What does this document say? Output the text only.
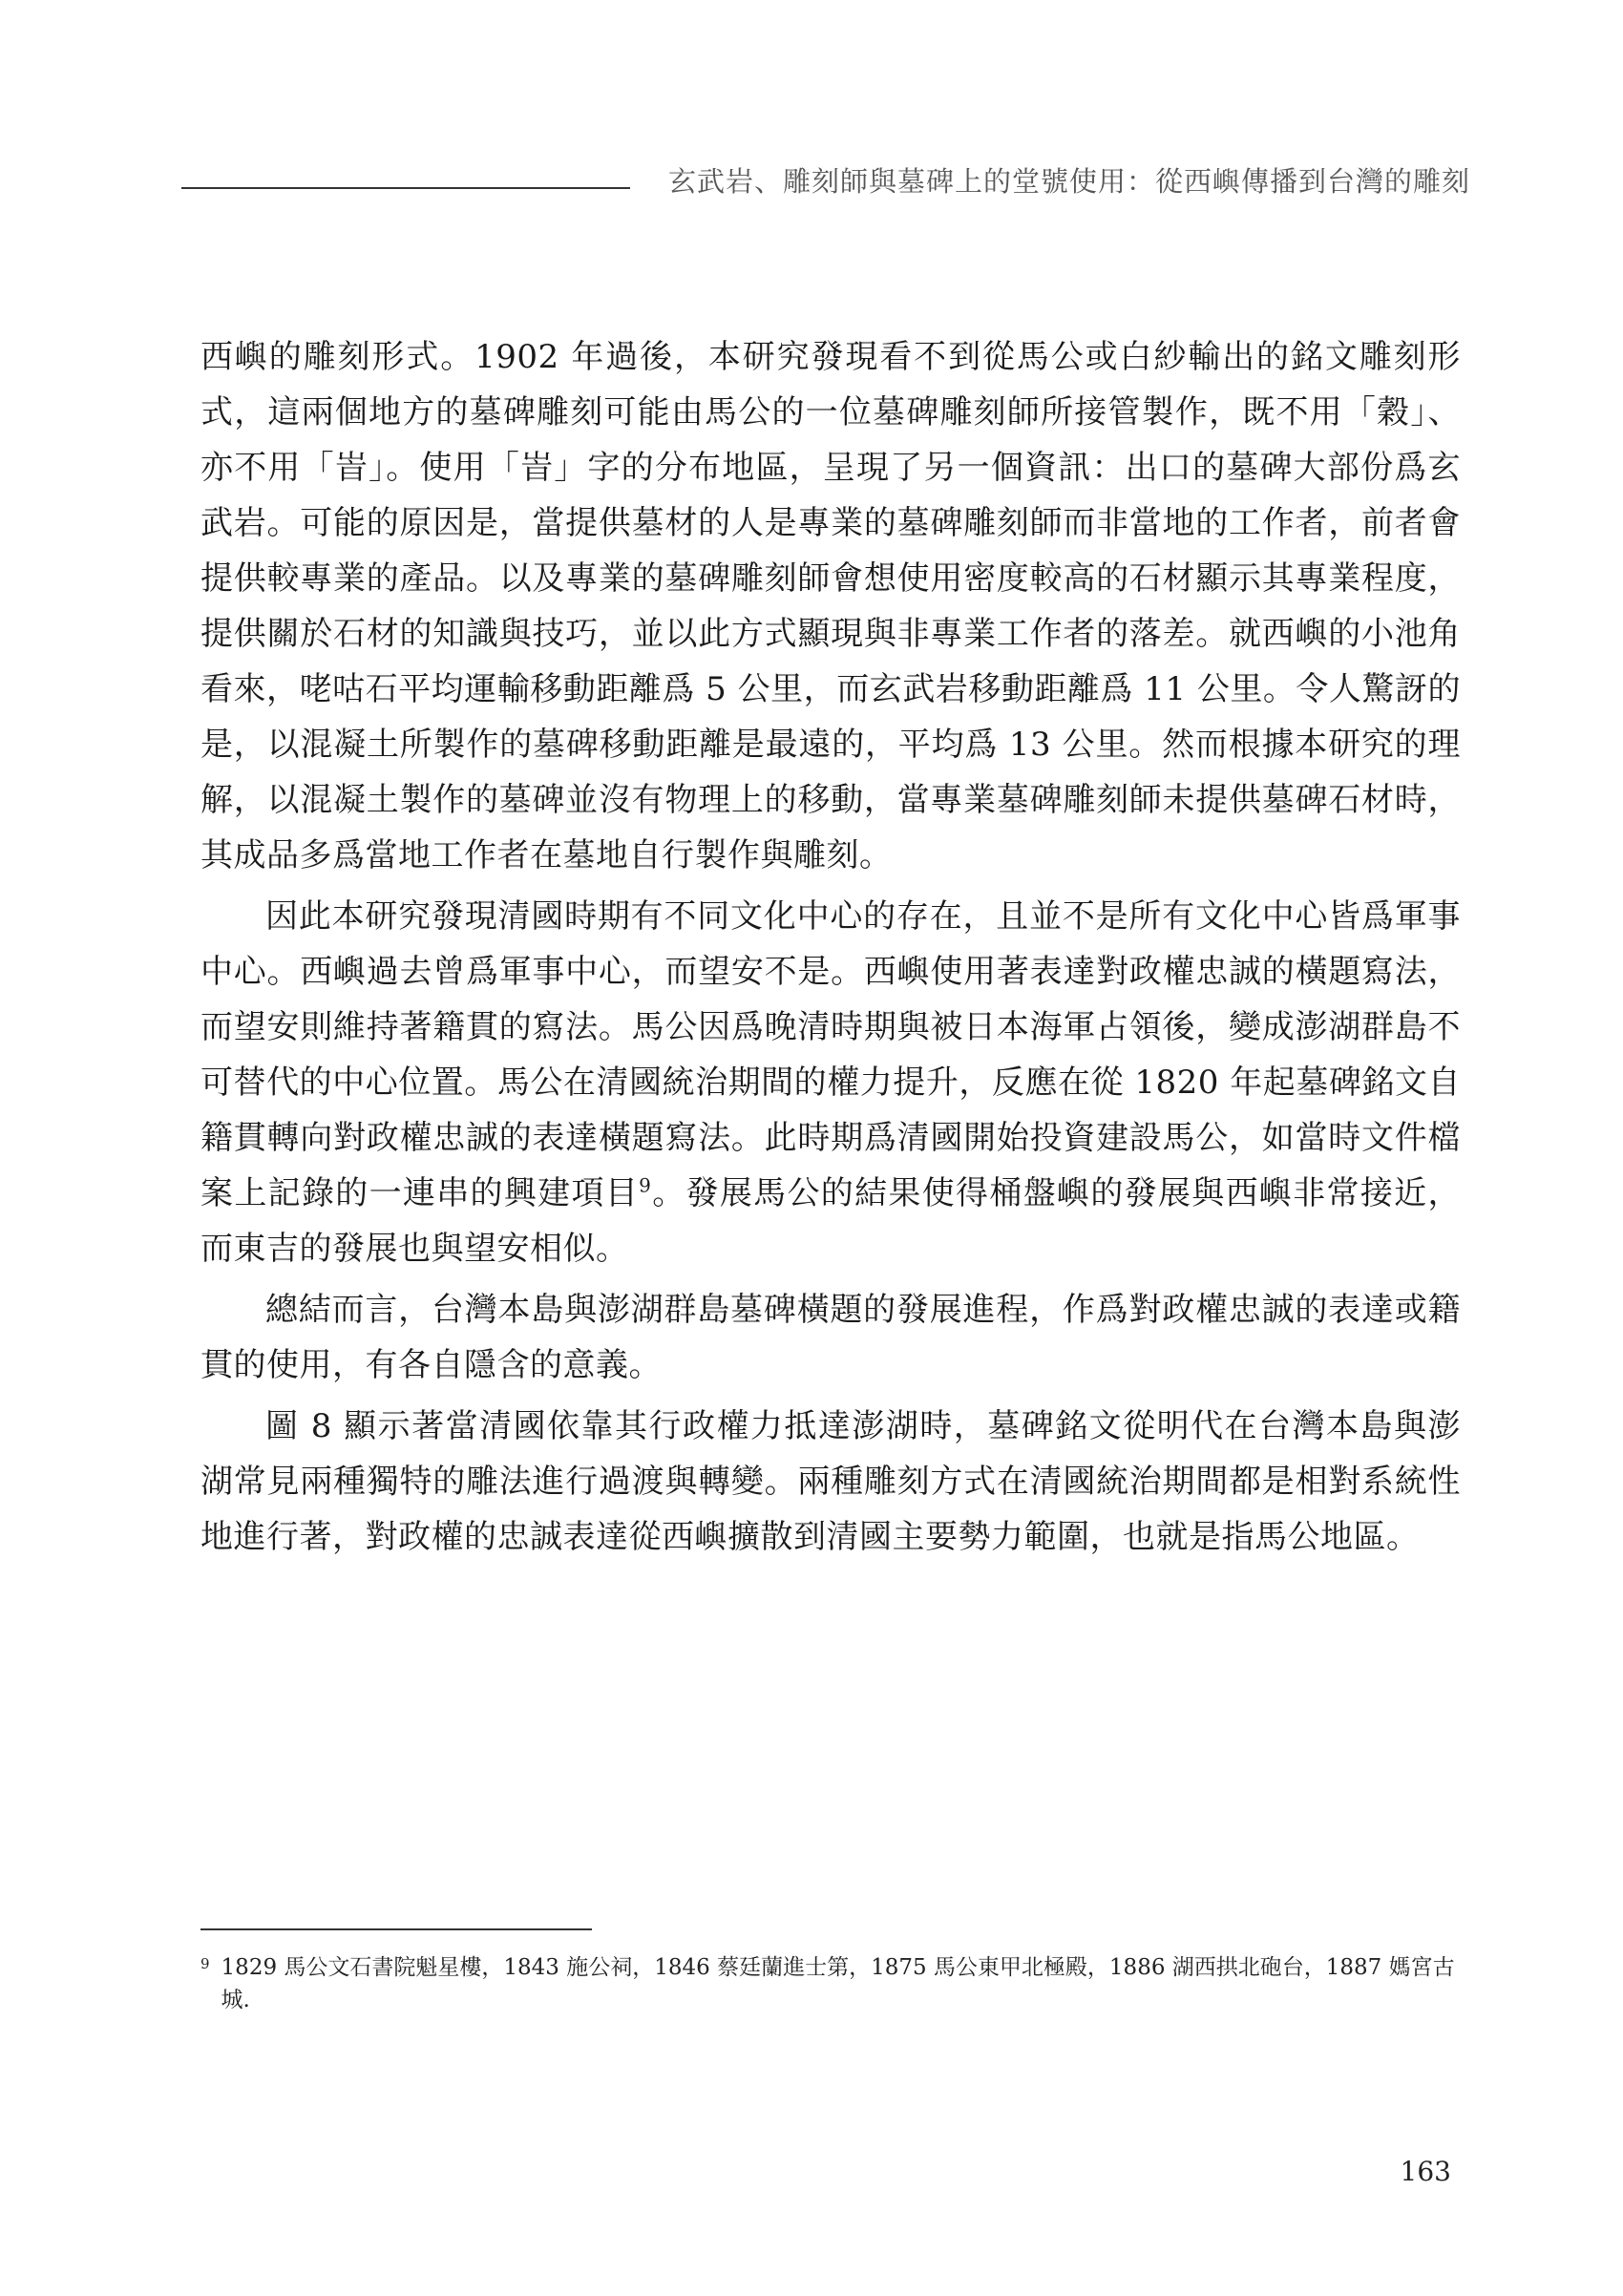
玄武岩、雕刻師與墓碑上的堂號使用：從西嶼傳播到台灣的雕刻

西嶼的雕刻形式。1902 年過後，本研究發現看不到從馬公或白紗輸出的銘文雕刻形式，這兩個地方的墓碑雕刻可能由馬公的一位墓碑雕刻師所接管製作，既不用「穀」、亦不用「峕」。使用「峕」字的分布地區，呈現了另一個資訊：出口的墓碑大部份爲玄武岩。可能的原因是，當提供墓材的人是專業的墓碑雕刻師而非當地的工作者，前者會提供較專業的產品。以及專業的墓碑雕刻師會想使用密度較高的石材顯示其專業程度，提供關於石材的知識與技巧，並以此方式顯現與非專業工作者的落差。就西嶼的小池角看來，咾咕石平均運輸移動距離爲 5 公里，而玄武岩移動距離爲 11 公里。令人驚訝的是，以混凝土所製作的墓碑移動距離是最遠的，平均爲 13 公里。然而根據本研究的理解，以混凝土製作的墓碑並沒有物理上的移動，當專業墓碑雕刻師未提供墓碑石材時，其成品多爲當地工作者在墓地自行製作與雕刻。

因此本研究發現清國時期有不同文化中心的存在，且並不是所有文化中心皆爲軍事中心。西嶼過去曾爲軍事中心，而望安不是。西嶼使用著表達對政權忠誠的橫題寫法，而望安則維持著籍貫的寫法。馬公因爲晚清時期與被日本海軍占領後，變成澎湖群島不可替代的中心位置。馬公在清國統治期間的權力提升，反應在從 1820 年起墓碑銘文自籍貫轉向對政權忠誠的表達橫題寫法。此時期爲清國開始投資建設馬公，如當時文件檔案上記錄的一連串的興建項目$^9$。發展馬公的結果使得桶盤嶼的發展與西嶼非常接近，而東吉的發展也與望安相似。

總結而言，台灣本島與澎湖群島墓碑橫題的發展進程，作爲對政權忠誠的表達或籍貫的使用，有各自隱含的意義。

圖 8 顯示著當清國依靠其行政權力抵達澎湖時，墓碑銘文從明代在台灣本島與澎湖常見兩種獨特的雕法進行過渡與轉變。兩種雕刻方式在清國統治期間都是相對系統性地進行著，對政權的忠誠表達從西嶼擴散到清國主要勢力範圍，也就是指馬公地區。

9 1829 馬公文石書院魁星樓，1843 施公祠，1846 蔡廷蘭進士第，1875 馬公東甲北極殿，1886 湖西拱北砲台，1887 媽宮古城.
163
